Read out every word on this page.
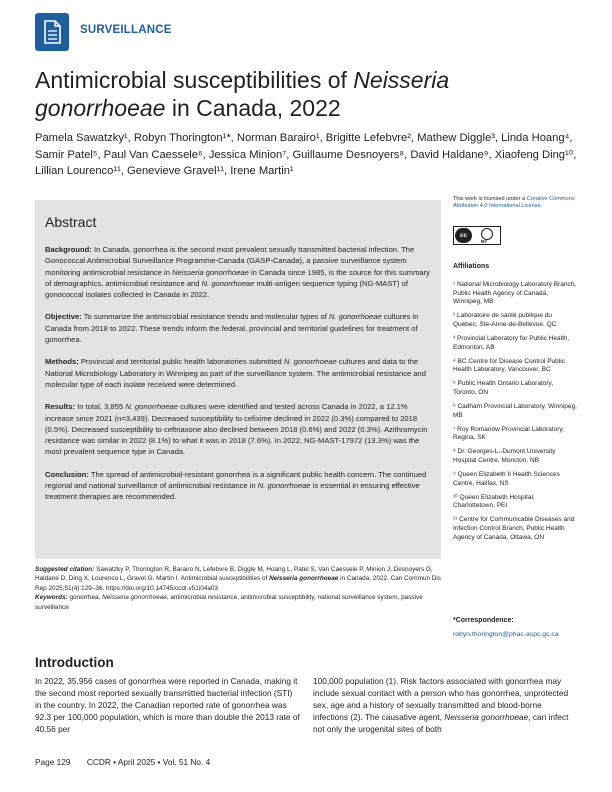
SURVEILLANCE
Antimicrobial susceptibilities of Neisseria gonorrhoeae in Canada, 2022
Pamela Sawatzky¹, Robyn Thorington¹*, Norman Barairo¹, Brigitte Lefebvre², Mathew Diggle³, Linda Hoang⁴, Samir Patel⁵, Paul Van Caessele⁶, Jessica Minion⁷, Guillaume Desnoyers⁸, David Haldane⁹, Xiaofeng Ding¹⁰, Lillian Lourenco¹¹, Genevieve Gravel¹¹, Irene Martin¹
Abstract

Background: In Canada, gonorrhea is the second most prevalent sexually transmitted bacterial infection. The Gonococcal Antimicrobial Surveillance Programme-Canada (GASP-Canada), a passive surveillance system monitoring antimicrobial resistance in Neisseria gonorrhoeae in Canada since 1985, is the source for this summary of demographics, antimicrobial resistance and N. gonorrhoeae multi-antigen sequence typing (NG-MAST) of gonococcal isolates collected in Canada in 2022.

Objective: To summarize the antimicrobial resistance trends and molecular types of N. gonorrhoeae cultures in Canada from 2018 to 2022. These trends inform the federal, provincial and territorial guidelines for treatment of gonorrhea.

Methods: Provincial and territorial public health laboratories submitted N. gonorrhoeae cultures and data to the National Microbiology Laboratory in Winnipeg as part of the surveillance system. The antimicrobial resistance and molecular type of each isolate received were determined.

Results: In total, 3,855 N. gonorrhoeae cultures were identified and tested across Canada in 2022, a 12.1% increase since 2021 (n=3,439). Decreased susceptibility to cefixime declined in 2022 (0.3%) compared to 2018 (0.5%). Decreased susceptibility to ceftriaxone also declined between 2018 (0.6%) and 2022 (0.3%). Azithromycin resistance was similar in 2022 (8.1%) to what it was in 2018 (7.6%). In 2022, NG-MAST-17972 (13.3%) was the most prevalent sequence type in Canada.

Conclusion: The spread of antimicrobial-resistant gonorrhea is a significant public health concern. The continued regional and national surveillance of antimicrobial resistance in N. gonorrhoeae is essential in ensuring effective treatment therapies are recommended.

Suggested citation: Sawatzky P, Thorington R, Barairo N, Lefebvre B, Diggle M, Hoang L, Patel S, Van Caessele P, Minion J, Desnoyers G, Haldane D, Ding X, Lourenco L, Gravel G, Martin I. Antimicrobial susceptibilities of Neisseria gonorrhoeae in Canada, 2022. Can Commun Dis Rep 2025;51(4):129–36. https://doi.org/10.14745/ccdr.v51i04a03
Keywords: gonorrhea, Neisseria gonorrhoeae, antimicrobial resistance, antimicrobial susceptibility, national surveillance system, passive surveillance
This work is licensed under a Creative Commons Attribution 4.0 International License.
cc
BY
Affiliations
¹ National Microbiology Laboratory Branch, Public Health Agency of Canada, Winnipeg, MB
² Laboratoire de santé publique du Québec, Ste-Anne-de-Bellevue, QC
³ Provincial Laboratory for Public Health, Edmonton, AB
⁴ BC Centre for Disease Control Public Health Laboratory, Vancouver, BC
⁵ Public Health Ontario Laboratory, Toronto, ON
⁶ Cadham Provincial Laboratory, Winnipeg, MB
⁷ Roy Romanow Provincial Laboratory, Regina, SK
⁸ Dr. Georges-L.-Dumont University Hospital Centre, Moncton, NB
⁹ Queen Elizabeth II Health Sciences Centre, Halifax, NS
¹⁰ Queen Elizabeth Hospital, Charlottetown, PEI
¹¹ Centre for Communicable Diseases and Infection Control Branch, Public Health Agency of Canada, Ottawa, ON
*Correspondence:
robyn.thorington@phac-aspc.gc.ca
Introduction
In 2022, 35,956 cases of gonorrhea were reported in Canada, making it the second most reported sexually transmitted bacterial infection (STI) in the country. In 2022, the Canadian reported rate of gonorrhea was 92.3 per 100,000 population, which is more than double the 2013 rate of 40.56 per
100,000 population (1). Risk factors associated with gonorrhea may include sexual contact with a person who has gonorrhea, unprotected sex, age and a history of sexually transmitted and blood-borne infections (2). The causative agent, Neisseria gonorrhoeae, can infect not only the urogenital sites of both
Page 129 CCDR • April 2025 • Vol. 51 No. 4
